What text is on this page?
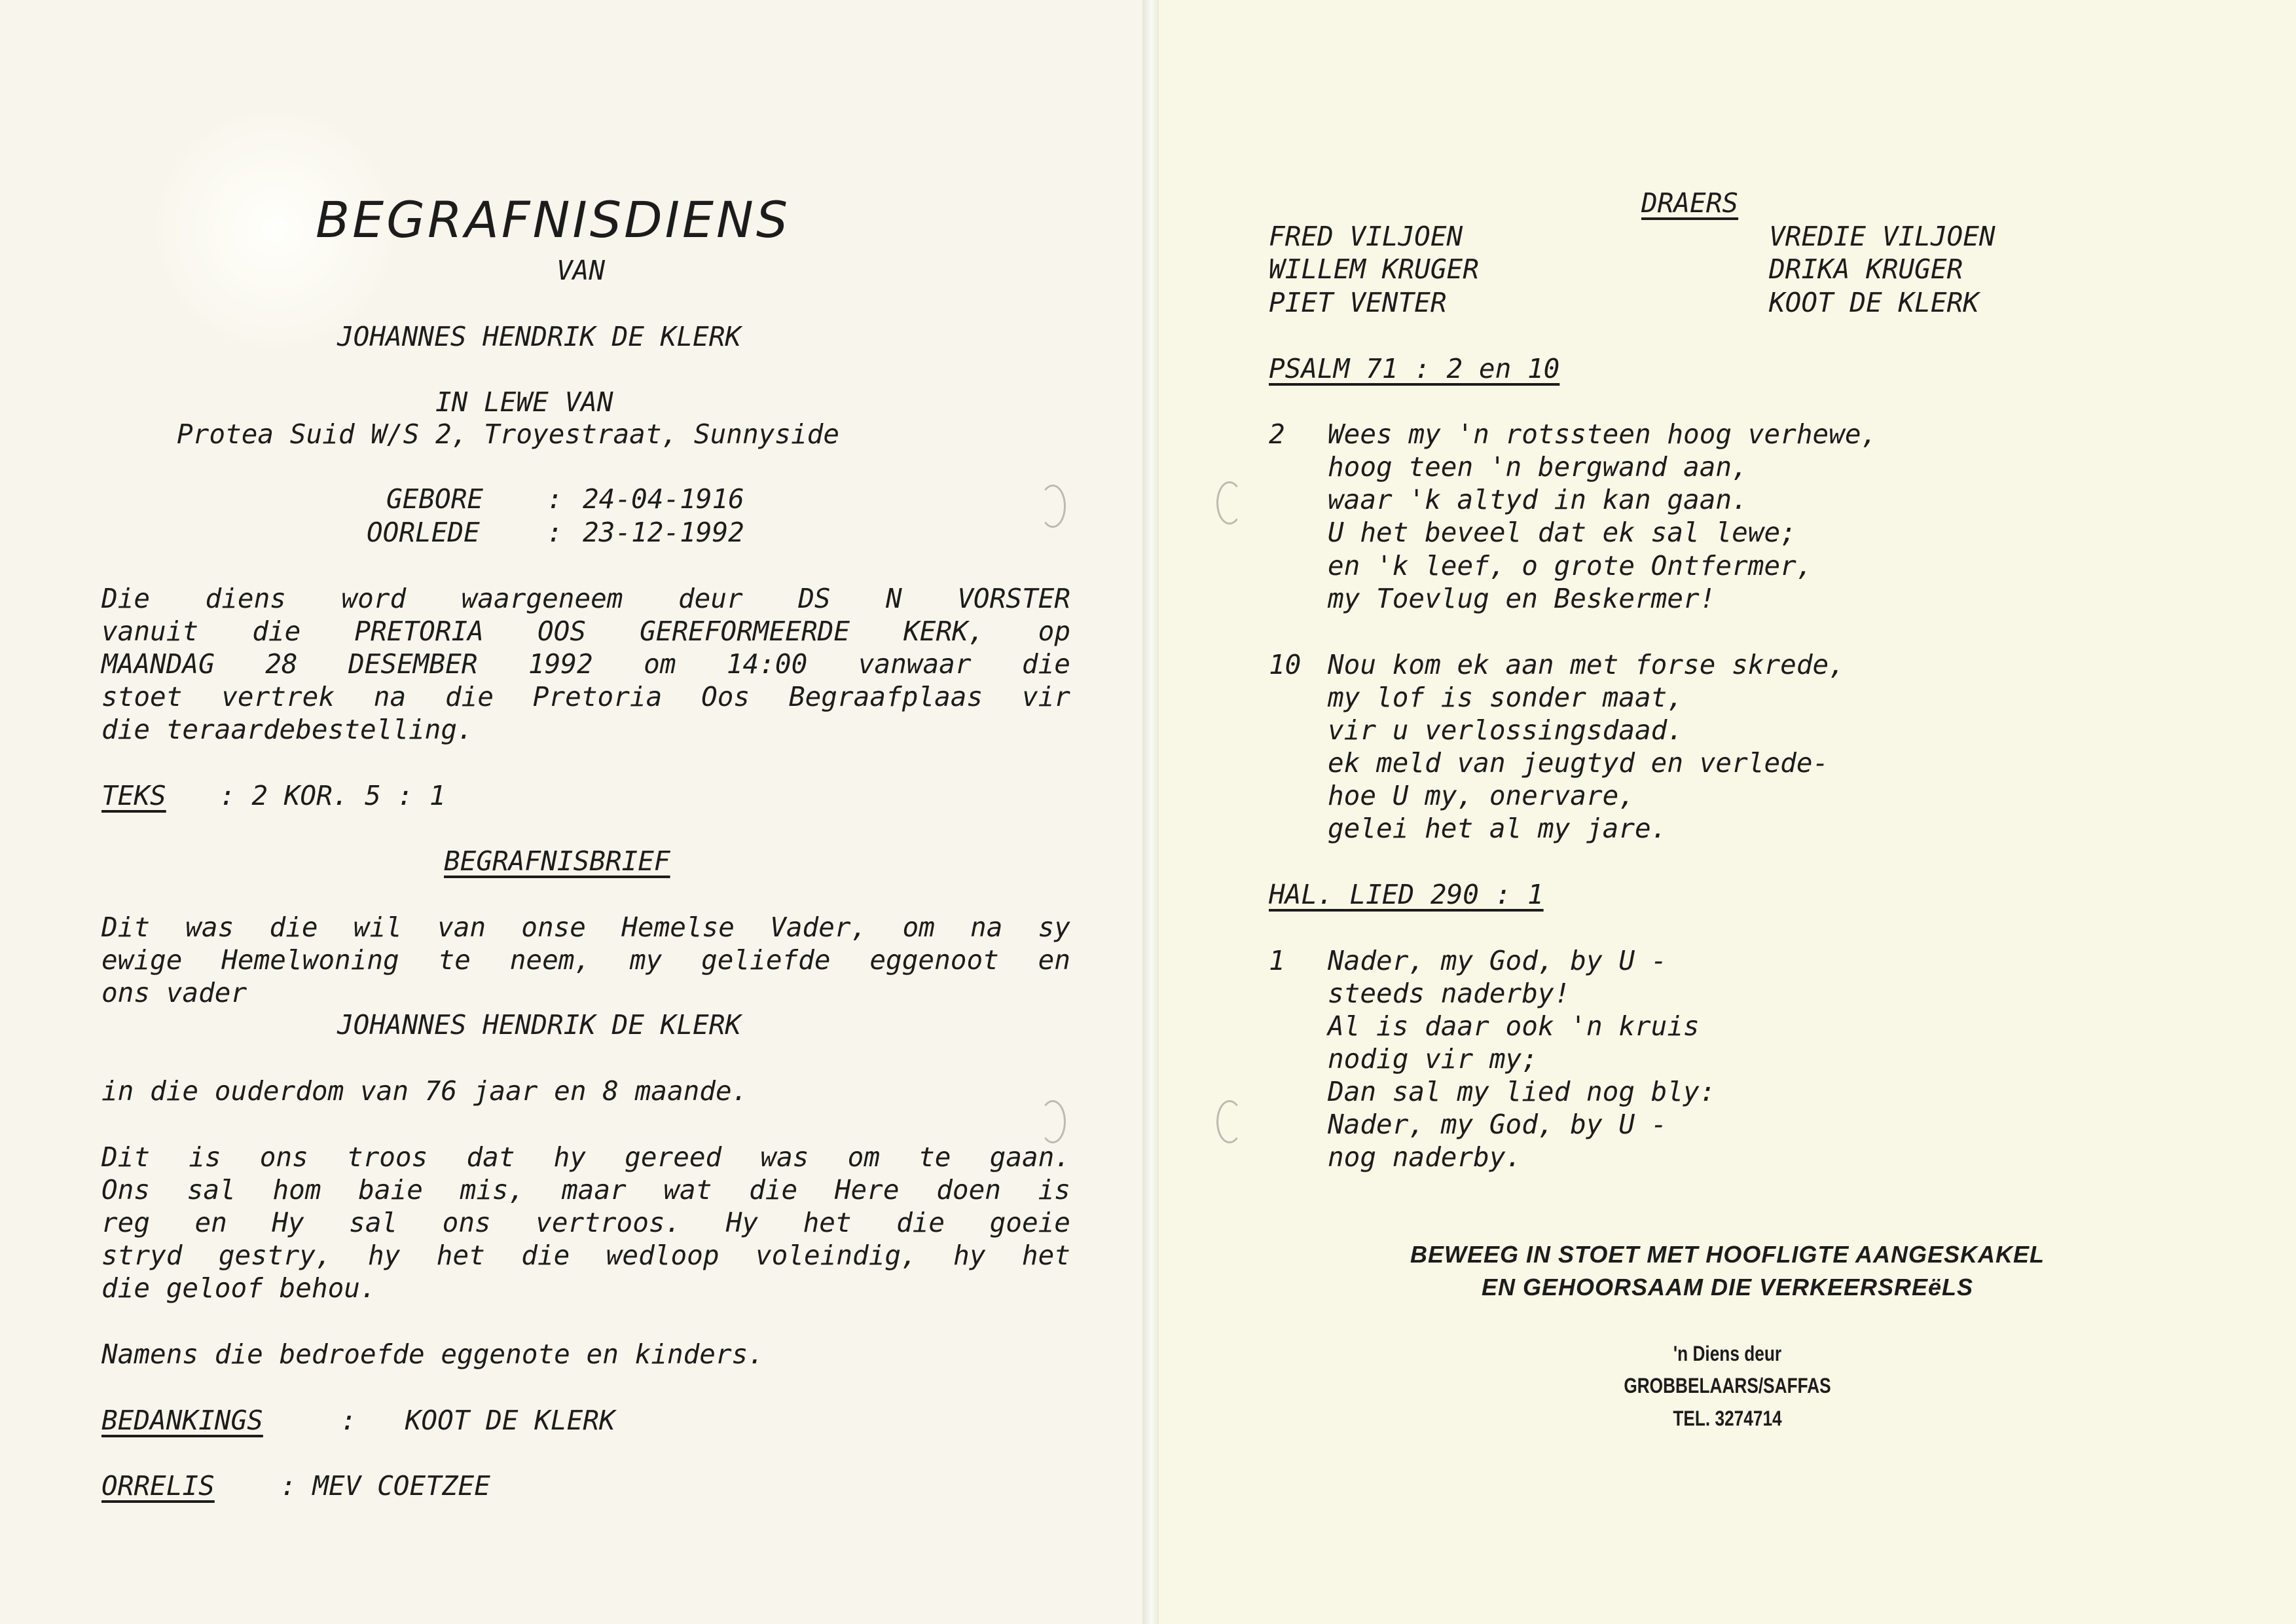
BEGRAFNISDIENS
VAN
JOHANNES HENDRIK DE KLERK
IN LEWE VAN
Protea Suid W/S 2, Troyestraat, Sunnyside
GEBORE : 24-04-1916
OORLEDE : 23-12-1992
Die diens word waargeneem deur DS N VORSTER
vanuit die PRETORIA OOS GEREFORMEERDE KERK, op
MAANDAG 28 DESEMBER 1992 om 14:00 vanwaar die
stoet vertrek na die Pretoria Oos Begraafplaas vir
die teraardebestelling.
TEKS : 2 KOR. 5 : 1
BEGRAFNISBRIEF
Dit was die wil van onse Hemelse Vader, om na sy
ewige Hemelwoning te neem, my geliefde eggenoot en
ons vader
JOHANNES HENDRIK DE KLERK
in die ouderdom van 76 jaar en 8 maande.
Dit is ons troos dat hy gereed was om te gaan.
Ons sal hom baie mis, maar wat die Here doen is
reg en Hy sal ons vertroos. Hy het die goeie
stryd gestry, hy het die wedloop voleindig, hy het
die geloof behou.
Namens die bedroefde eggenote en kinders.
BEDANKINGS	:   KOOT DE KLERK
ORRELIS : MEV COETZEE
DRAERS
FRED VILJOEN
WILLEM KRUGER
PIET VENTER
VREDIE VILJOEN
DRIKA KRUGER
KOOT DE KLERK
PSALM 71 : 2 en 10
2 Wees my 'n rotssteen hoog verhewe,
hoog teen 'n bergwand aan,
waar 'k altyd in kan gaan.
U het beveel dat ek sal lewe;
en 'k leef, o grote Ontfermer,
my Toevlug en Beskermer!
10 Nou kom ek aan met forse skrede,
my lof is sonder maat,
vir u verlossingsdaad.
ek meld van jeugtyd en verlede-
hoe U my, onervare,
gelei het al my jare.
HAL. LIED 290 : 1
1 Nader, my God, by U -
steeds naderby!
Al is daar ook 'n kruis
nodig vir my;
Dan sal my lied nog bly:
Nader, my God, by U -
nog naderby.
BEWEEG IN STOET MET HOOFLIGTE AANGESKAKEL
EN GEHOORSAAM DIE VERKEERSREëLS
'n Diens deur
GROBBELAARS/SAFFAS
TEL. 3274714
